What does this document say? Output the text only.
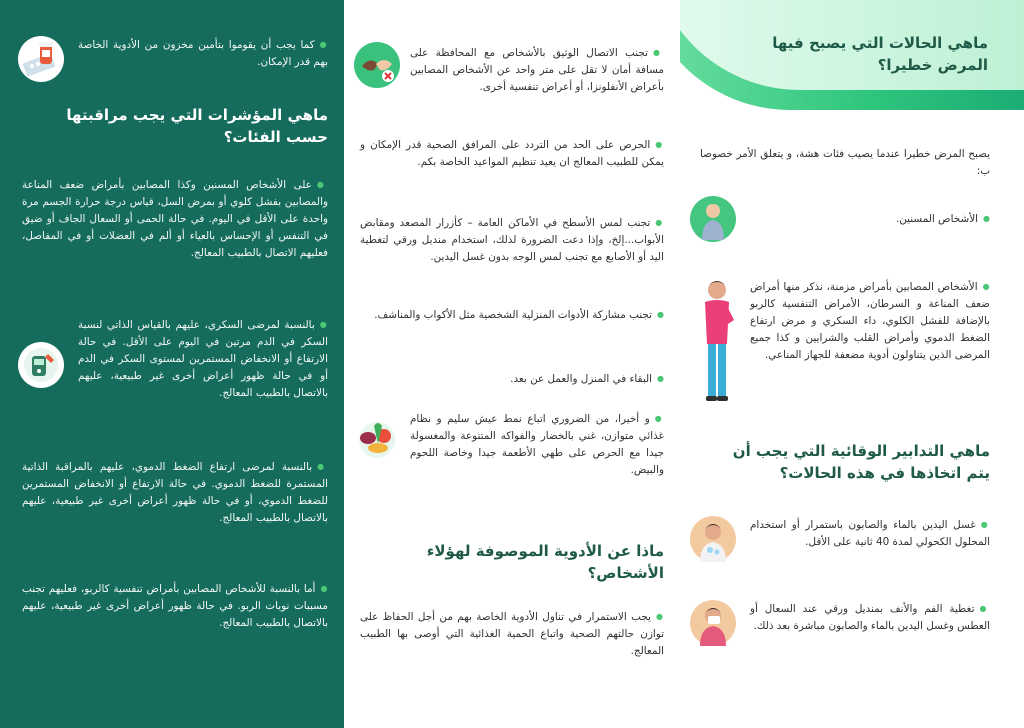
● كما يجب أن يقوموا بتأمين مخزون من الأدوية الخاصة بهم قدر الإمكان.
ماهي المؤشرات التي يجب مراقبتها حسب الفئات؟
● على الأشخاص المسنين وكذا المصابين بأمراض ضعف المناعة والمصابين بفشل كلوي أو بمرض السل، قياس درجة حرارة الجسم مرة واحدة على الأقل في اليوم. في حالة الحمى أو السعال الجاف أو ضيق في التنفس أو الإحساس بالعياء أو ألم في العضلات أو في المفاصل، فعليهم الاتصال بالطبيب المعالج.
● بالنسبة لمرضى السكري، عليهم بالقياس الذاتي لنسبة السكر في الدم مرتين في اليوم على الأقل. في حالة الارتفاع أو الانخفاض المستمرين لمستوى السكر في الدم أو في حالة ظهور أعراض أخرى غير طبيعية، عليهم بالاتصال بالطبيب المعالج.
● بالنسبة لمرضى ارتفاع الضغط الدموي، عليهم بالمراقبة الذاتية المستمرة للضغط الدموي. في حالة الارتفاع أو الانخفاض المستمرين للضغط الدموي، أو في حالة ظهور أعراض أخرى غير طبيعية، عليهم بالاتصال بالطبيب المعالج.
● أما بالنسبة للأشخاص المصابين بأمراض تنفسية كالربو، فعليهم تجنب مسببات نوبات الربو. في حالة ظهور أعراض أخرى غير طبيعية، عليهم بالاتصال بالطبيب المعالج.
● تجنب الاتصال الوثيق بالأشخاص مع المحافظة على مسافة أمان لا تقل على متر واحد عن الأشخاص المصابين بأعراض الأنفلونزا، أو أعراض تنفسية أخرى.
● الحرص على الحد من التردد على المرافق الصحية قدر الإمكان و يمكن للطبيب المعالج ان يعيد تنظيم المواعيد الخاصة بكم.
● تجنب لمس الأسطح في الأماكن العامة – كأزرار المصعد ومقابض الأبواب...إلخ، وإذا دعت الضرورة لذلك، استخدام منديل ورقي لتغطية اليد أو الأصابع مع تجنب لمس الوجه بدون غسل اليدين.
● تجنب مشاركة الأدوات المنزلية الشخصية مثل الأكواب والمناشف.
● البقاء في المنزل والعمل عن بعد.
● و أخيرا، من الضروري اتباع نمط عيش سليم و نظام غذائي متوازن، غني بالخضار والفواكه المتنوعة والمغسولة جيدا مع الحرص على طهي الأطعمة جيدا وخاصة اللحوم والبيض.
ماذا عن الأدوية الموصوفة لهؤلاء الأشخاص؟
● يجب الاستمرار في تناول الأدوية الخاصة بهم من أجل الحفاظ على توازن حالتهم الصحية واتباع الحمية الغذائية التي أوصى بها الطبيب المعالج.
ماهي الحالات التي يصبح فيها المرض خطيرا؟
يصبح المرض خطيرا عندما يصيب فئات هشة، و يتعلق الأمر خصوصا ب:
● الأشخاص المسنين.
● الأشخاص المصابين بأمراض مزمنة، نذكر منها أمراض ضعف المناعة و السرطان، الأمراض التنفسية كالربو بالإضافة للفشل الكلوي، داء السكري و مرض ارتفاع الضغط الدموي وأمراض القلب والشرايين و كذا جميع المرضى الذين يتناولون أدوية مضعفة للجهاز المناعي.
ماهي التدابير الوقائية التي يجب أن يتم اتخاذها في هذه الحالات؟
● غسل اليدين بالماء والصابون باستمرار أو استخدام المحلول الكحولي لمدة 40 ثانية على الأقل.
● تغطية الفم والأنف بمنديل ورقي عند السعال أو العطس وغسل اليدين بالماء والصابون مباشرة بعد ذلك.
